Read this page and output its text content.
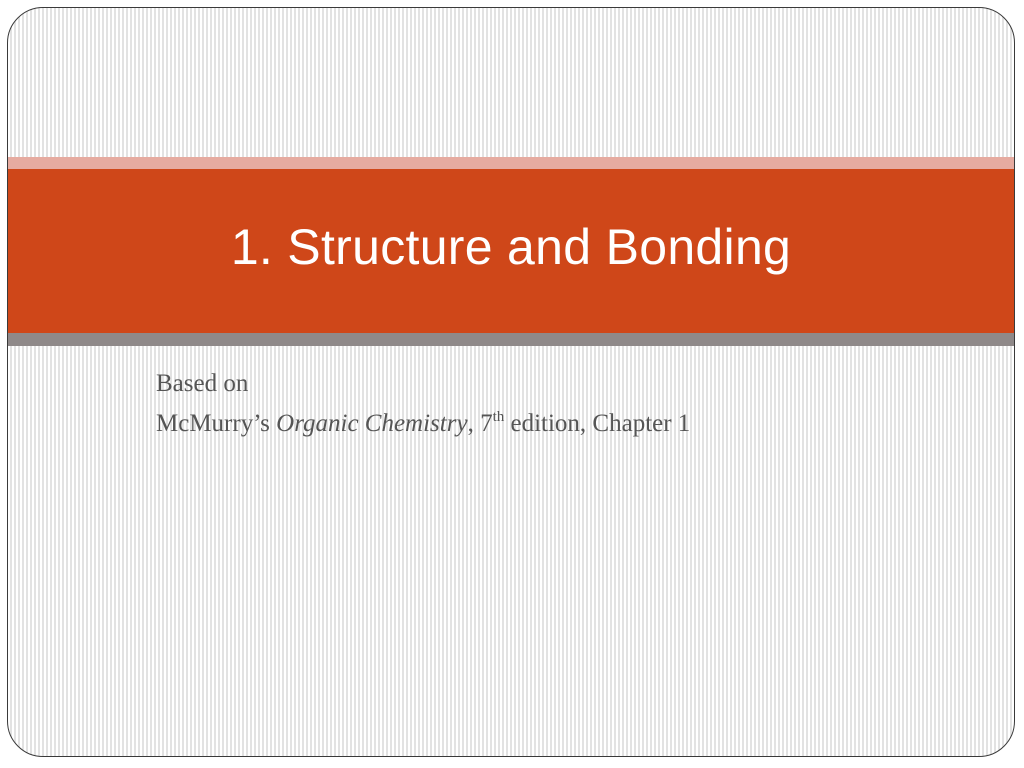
1. Structure and Bonding
Based on
McMurry’s Organic Chemistry, 7th edition, Chapter 1
